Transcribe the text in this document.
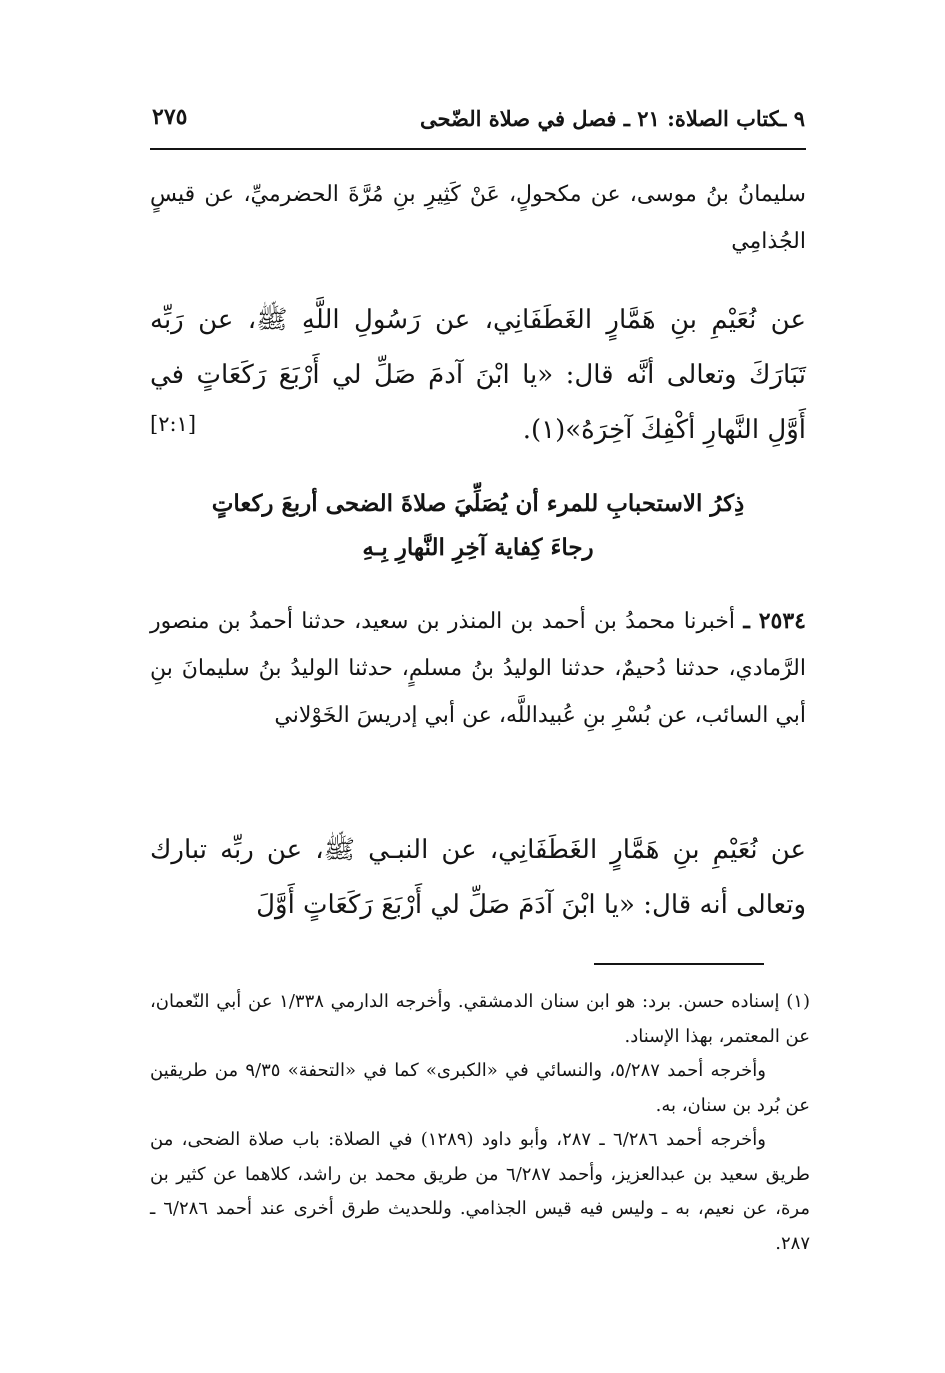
٩ ـكتاب الصلاة: ٢١ ـ فصل في صلاة الضّحى
٢٧٥
سليمانُ بنُ موسى، عن مكحولٍ، عَنْ كَثِيرِ بنِ مُرَّةَ الحضرميِّ، عن قيسٍ الجُذامِي
عن نُعَيْمِ بنِ هَمَّارٍ الغَطَفَانِي، عن رَسُولِ اللَّهِ ﷺ، عن رَبِّه تَبَارَكَ وتعالى أنَّه قال: «يا ابْنَ آدمَ صَلِّ لي أَرْبَعَ رَكَعَاتٍ في أَوَّلِ النَّهارِ أكْفِكَ آخِرَهُ»(١).
[٢:١]
ذِكرُ الاستحبابِ للمرء أن يُصَلِّيَ صلاةَ الضحى أربعَ ركعاتٍ
رجاءَ كِفاية آخِرِ النَّهارِ بِـهِ
٢٥٣٤ ـ أخبرنا محمدُ بن أحمد بن المنذر بن سعيد، حدثنا أحمدُ بن منصور الرَّمادي، حدثنا دُحيمٌ، حدثنا الوليدُ بنُ مسلمٍ، حدثنا الوليدُ بنُ سليمانَ بنِ أبي السائب، عن بُسْرِ بنِ عُبيداللَّه، عن أبي إدريسَ الخَوْلاني
عن نُعَيْمِ بنِ هَمَّارٍ الغَطَفَانِي، عن النبـي ﷺ، عن ربِّه تبارك وتعالى أنه قال: «يا ابْنَ آدَمَ صَلِّ لي أَرْبَعَ رَكَعَاتٍ أَوَّلَ

(١) إسناده حسن. برد: هو ابن سنان الدمشقي. وأخرجه الدارمي ١/٣٣٨ عن أبي النّعمان، عن المعتمر، بهذا الإسناد.

وأخرجه أحمد ٥/٢٨٧، والنسائي في «الكبرى» كما في «التحفة» ٩/٣٥ من طريقين عن بُرد بن سنان، به.

وأخرجه أحمد ٦/٢٨٦ ـ ٢٨٧، وأبو داود (١٢٨٩) في الصلاة: باب صلاة الضحى، من طريق سعيد بن عبدالعزيز، وأحمد ٦/٢٨٧ من طريق محمد بن راشد، كلاهما عن كثير بن مرة، عن نعيم، به ـ وليس فيه قيس الجذامي. وللحديث طرق أخرى عند أحمد ٦/٢٨٦ ـ ٢٨٧.
